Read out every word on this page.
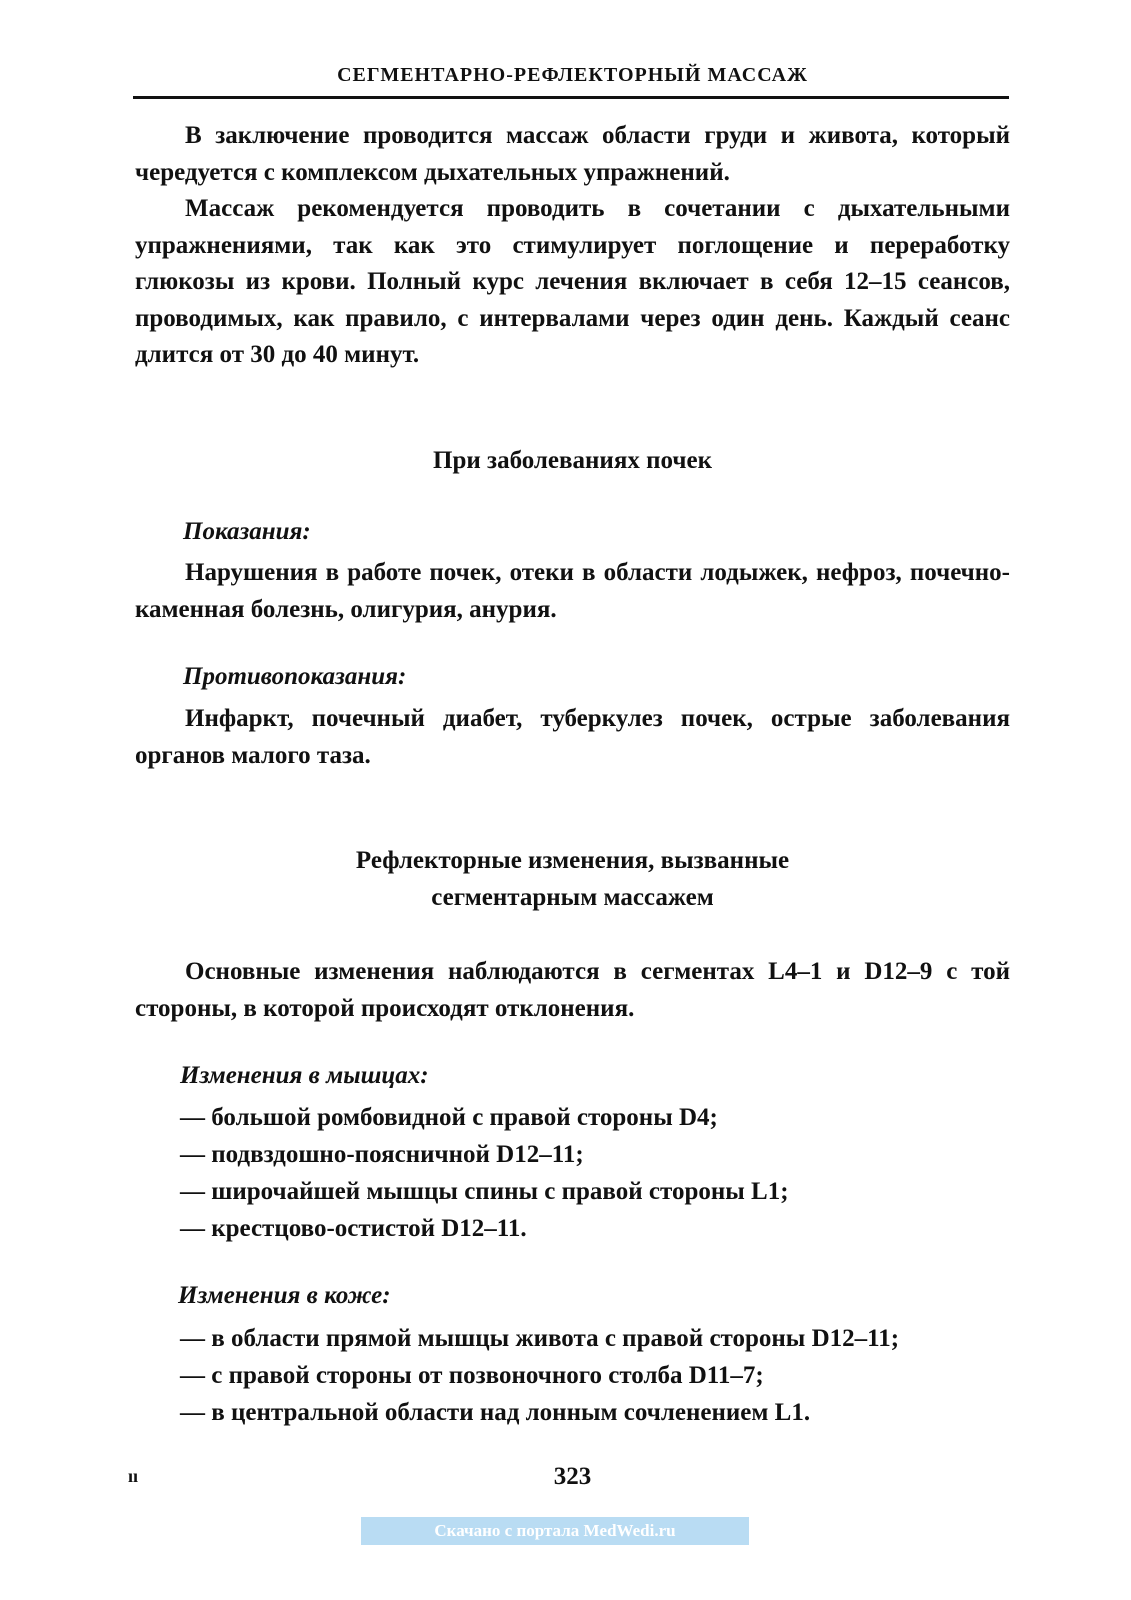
СЕГМЕНТАРНО-РЕФЛЕКТОРНЫЙ МАССАЖ

В заключение проводится массаж области груди и живота, который чередуется с комплексом дыхательных упражнений.

Массаж рекомендуется проводить в сочетании с дыхательными упражнениями, так как это стимулирует поглощение и переработку глюкозы из крови. Полный курс лечения включает в себя 12–15 сеансов, проводимых, как правило, с интервалами через один день. Каждый сеанс длится от 30 до 40 минут.

При заболеваниях почек

Показания:

Нарушения в работе почек, отеки в области лодыжек, нефроз, почечно-каменная болезнь, олигурия, анурия.

Противопоказания:

Инфаркт, почечный диабет, туберкулез почек, острые заболевания органов малого таза.

Рефлекторные изменения, вызванные
сегментарным массажем

Основные изменения наблюдаются в сегментах L4–1 и D12–9 с той стороны, в которой происходят отклонения.

Изменения в мышцах:

— большой ромбовидной с правой стороны D4;
— подвздошно-поясничной D12–11;
— широчайшей мышцы спины с правой стороны L1;
— крестцово-остистой D12–11.

Изменения в коже:

— в области прямой мышцы живота с правой стороны D12–11;
— с правой стороны от позвоночного столба D11–7;
— в центральной области над лонным сочленением L1.
ıı	323
Скачано с портала MedWedi.ru
